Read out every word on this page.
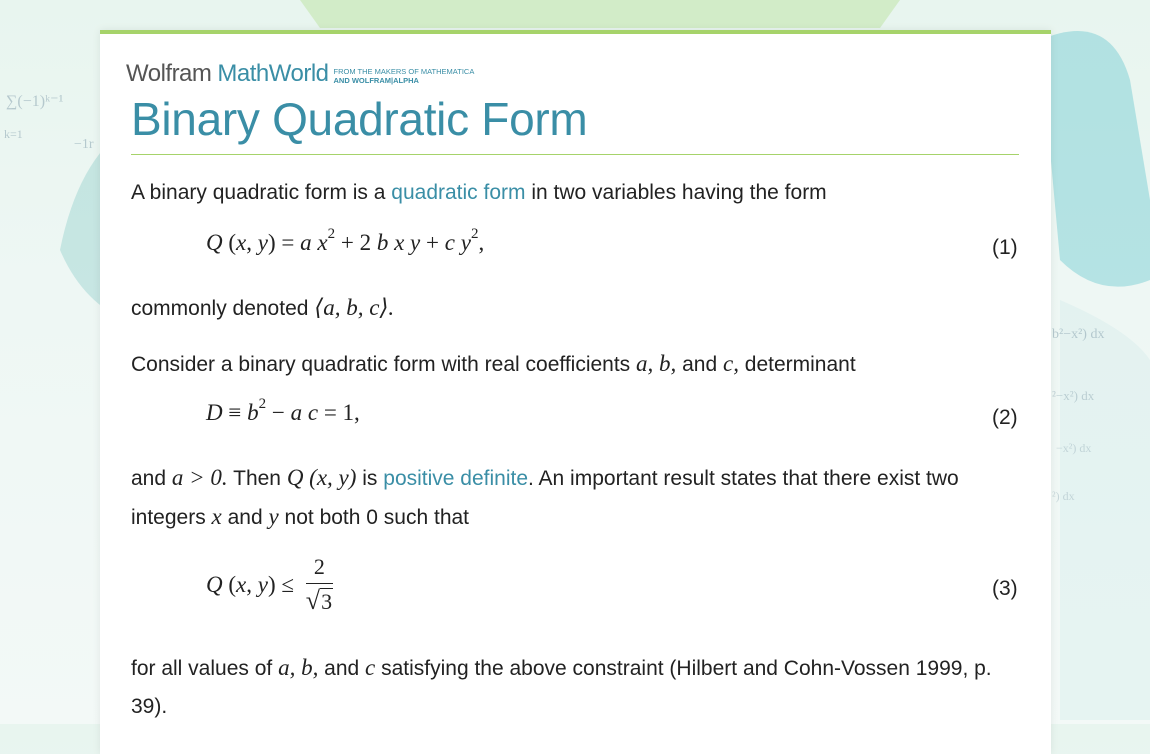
∑(−1)ᵏ⁻¹
k=1
−1r
b²−x²) dx
²−x²) dx
−x²) dx
²) dx
Wolfram MathWorld FROM THE MAKERS OF MATHEMATICA
AND WOLFRAM|ALPHA
Binary Quadratic Form

A binary quadratic form is a quadratic form in two variables having the form

Q (x, y) = a $x^2 + 2$ b x y + c $y^2$,	(1)

commonly denoted ⟨a, b, c⟩.

Consider a binary quadratic form with real coefficients a, b, and c, determinant

$D \equiv b^2 - a$ c = 1,	(2)

and a > 0. Then Q (x, y) is positive definite. An important result states that there exist two integers x and y not both 0 such that

Q (x, $y) \le \frac{2}{√3}$	(3)

for all values of a, b, and c satisfying the above constraint (Hilbert and Cohn-Vossen 1999, p. 39).
